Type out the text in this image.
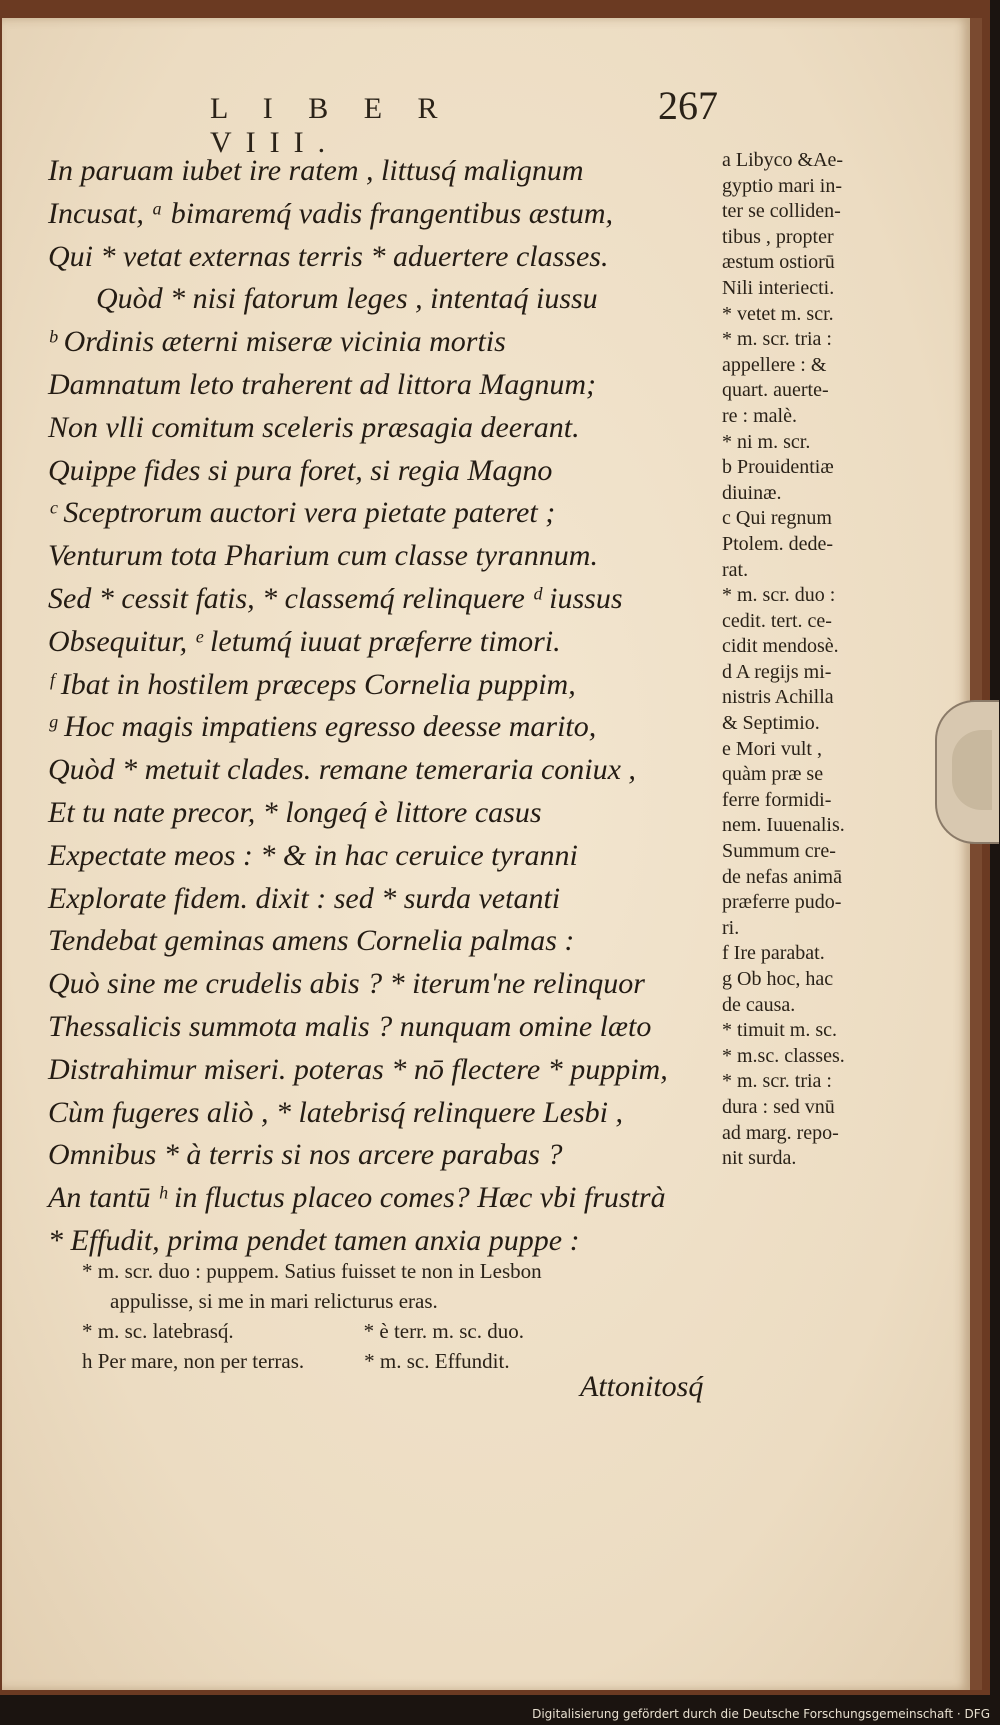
L I B E R VIII.
267
In paruam iubet ire ratem , littusq́ malignum
Incusat, ᵃ bimaremq́ vadis frangentibus æstum,
Qui * vetat externas terris * aduertere classes.
Quòd * nisi fatorum leges , intentaq́ iussu
ᵇ Ordinis æterni miseræ vicinia mortis
Damnatum leto traherent ad littora Magnum;
Non vlli comitum sceleris præsagia deerant.
Quippe fides si pura foret, si regia Magno
ᶜ Sceptrorum auctori vera pietate pateret ;
Venturum tota Pharium cum classe tyrannum.
Sed * cessit fatis, * classemq́ relinquere ᵈ iussus
Obsequitur, ᵉ letumq́ iuuat præferre timori.
ᶠ Ibat in hostilem præceps Cornelia puppim,
ᵍ Hoc magis impatiens egresso deesse marito,
Quòd * metuit clades. remane temeraria coniux ,
Et tu nate precor, * longeq́ è littore casus
Expectate meos : * & in hac ceruice tyranni
Explorate fidem. dixit : sed * surda vetanti
Tendebat geminas amens Cornelia palmas :
Quò sine me crudelis abis ? * iterum'ne relinquor
Thessalicis summota malis ? nunquam omine læto
Distrahimur miseri. poteras * nō flectere * puppim,
Cùm fugeres aliò , * latebrisq́ relinquere Lesbi ,
Omnibus * à terris si nos arcere parabas ?
An tantū ʰ in fluctus placeo comes? Hæc vbi frustrà
* Effudit, prima pendet tamen anxia puppe :
a Libyco &Ae-
gyptio mari in-
ter se colliden-
tibus , propter
æstum ostiorū
Nili interiecti.
* vetet m. scr.
* m. scr. tria :
appellere : &
quart. auerte-
re : malè.
* ni m. scr.
b Prouidentiæ
diuinæ.
c Qui regnum
Ptolem. dede-
rat.
* m. scr. duo :
cedit. tert. ce-
cidit mendosè.
d A regijs mi-
nistris Achilla
& Septimio.
e Mori vult ,
quàm præ se
ferre formidi-
nem. Iuuenalis.
Summum cre-
de nefas animā
præferre pudo-
ri.
f Ire parabat.
g Ob hoc, hac
de causa.
* timuit m. sc.
* m.sc. classes.
* m. scr. tria :
dura : sed vnū
ad marg. repo-
nit surda.
* m. scr. duo : puppem. Satius fuisset te non in Lesbon
appulisse, si me in mari relicturus eras.
* m. sc. latebrasq́.	* è terr. m. sc. duo.
h Per mare, non per terras.	* m. sc. Effundit.
Attonitosq́
Digitalisierung gefördert durch die Deutsche Forschungsgemeinschaft · DFG
